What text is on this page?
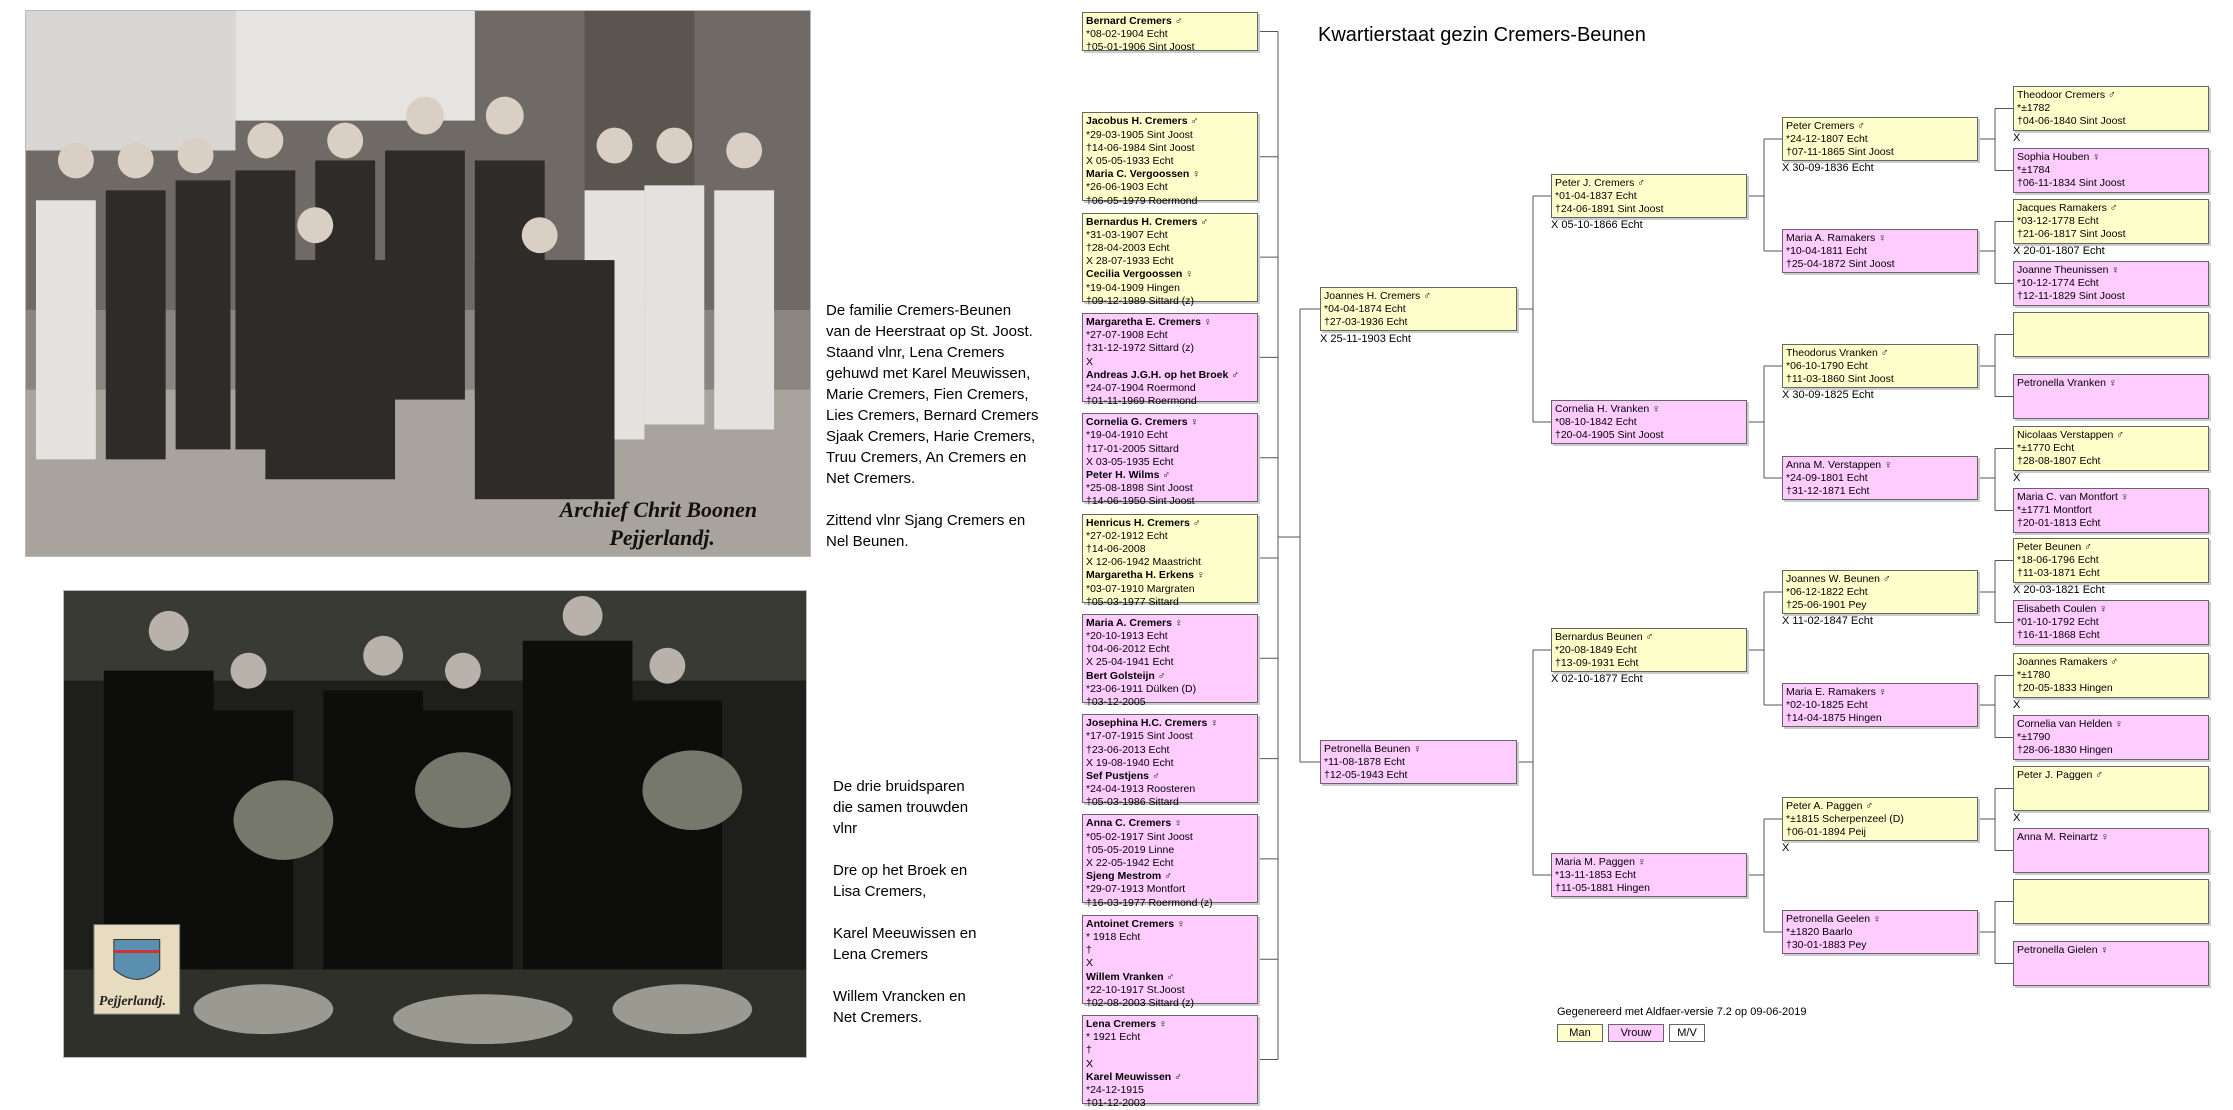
Archief Chrit Boonen
Pejjerlandj.
Pejjerlandj.

De familie Cremers-Beunen
van de Heerstraat op St. Joost.
Staand vlnr, Lena Cremers
gehuwd met Karel Meuwissen,
Marie Cremers, Fien Cremers,
Lies Cremers, Bernard Cremers
Sjaak Cremers, Harie Cremers,
Truu Cremers, An Cremers en
Net Cremers.

Zittend vlnr Sjang Cremers en
Nel Beunen.

De drie bruidsparen
die samen trouwden
vlnr

Dre op het Broek en
Lisa Cremers,

Karel Meeuwissen en
Lena Cremers

Willem Vrancken en
Net Cremers.

Kwartierstaat gezin Cremers-Beunen
Bernard Cremers ♂
*08-02-1904 Echt
†05-01-1906 Sint Joost
Jacobus H. Cremers ♂
*29-03-1905 Sint Joost
†14-06-1984 Sint Joost
X 05-05-1933 Echt
Maria C. Vergoossen ♀
*26-06-1903 Echt
†06-05-1979 Roermond
Bernardus H. Cremers ♂
*31-03-1907 Echt
†28-04-2003 Echt
X 28-07-1933 Echt
Cecilia Vergoossen ♀
*19-04-1909 Hingen
†09-12-1989 Sittard (z)
Margaretha E. Cremers ♀
*27-07-1908 Echt
†31-12-1972 Sittard (z)
X
Andreas J.G.H. op het Broek ♂
*24-07-1904 Roermond
†01-11-1969 Roermond
Cornelia G. Cremers ♀
*19-04-1910 Echt
†17-01-2005 Sittard
X 03-05-1935 Echt
Peter H. Wilms ♂
*25-08-1898 Sint Joost
†14-06-1950 Sint Joost
Henricus H. Cremers ♂
*27-02-1912 Echt
†14-06-2008
X 12-06-1942 Maastricht
Margaretha H. Erkens ♀
*03-07-1910 Margraten
†05-03-1977 Sittard
Maria A. Cremers ♀
*20-10-1913 Echt
†04-06-2012 Echt
X 25-04-1941 Echt
Bert Golsteijn ♂
*23-06-1911 Dülken (D)
†03-12-2005
Josephina H.C. Cremers ♀
*17-07-1915 Sint Joost
†23-06-2013 Echt
X 19-08-1940 Echt
Sef Pustjens ♂
*24-04-1913 Roosteren
†05-03-1986 Sittard
Anna C. Cremers ♀
*05-02-1917 Sint Joost
†05-05-2019 Linne
X 22-05-1942 Echt
Sjeng Mestrom ♂
*29-07-1913 Montfort
†16-03-1977 Roermond (z)
Antoinet Cremers ♀
* 1918 Echt
†
X
Willem Vranken ♂
*22-10-1917 St.Joost
†02-08-2003 Sittard (z)
Lena Cremers ♀
* 1921 Echt
†
X
Karel Meuwissen ♂
*24-12-1915
†01-12-2003
Joannes H. Cremers ♂
*04-04-1874 Echt
†27-03-1936 Echt
X 25-11-1903 Echt
Petronella Beunen ♀
*11-08-1878 Echt
†12-05-1943 Echt
Peter J. Cremers ♂
*01-04-1837 Echt
†24-06-1891 Sint Joost
X 05-10-1866 Echt
Cornelia H. Vranken ♀
*08-10-1842 Echt
†20-04-1905 Sint Joost
Bernardus Beunen ♂
*20-08-1849 Echt
†13-09-1931 Echt
X 02-10-1877 Echt
Maria M. Paggen ♀
*13-11-1853 Echt
†11-05-1881 Hingen
Peter Cremers ♂
*24-12-1807 Echt
†07-11-1865 Sint Joost
X 30-09-1836 Echt
Maria A. Ramakers ♀
*10-04-1811 Echt
†25-04-1872 Sint Joost
Theodorus Vranken ♂
*06-10-1790 Echt
†11-03-1860 Sint Joost
X 30-09-1825 Echt
Anna M. Verstappen ♀
*24-09-1801 Echt
†31-12-1871 Echt
Joannes W. Beunen ♂
*06-12-1822 Echt
†25-06-1901 Pey
X 11-02-1847 Echt
Maria E. Ramakers ♀
*02-10-1825 Echt
†14-04-1875 Hingen
Peter A. Paggen ♂
*±1815 Scherpenzeel (D)
†06-01-1894 Peij
X
Petronella Geelen ♀
*±1820 Baarlo
†30-01-1883 Pey
Theodoor Cremers ♂
*±1782
†04-06-1840 Sint Joost
X
Sophia Houben ♀
*±1784
†06-11-1834 Sint Joost
Jacques Ramakers ♂
*03-12-1778 Echt
†21-06-1817 Sint Joost
X 20-01-1807 Echt
Joanne Theunissen ♀
*10-12-1774 Echt
†12-11-1829 Sint Joost
Petronella Vranken ♀
Nicolaas Verstappen ♂
*±1770 Echt
†28-08-1807 Echt
X
Maria C. van Montfort ♀
*±1771 Montfort
†20-01-1813 Echt
Peter Beunen ♂
*18-06-1796 Echt
†11-03-1871 Echt
X 20-03-1821 Echt
Elisabeth Coulen ♀
*01-10-1792 Echt
†16-11-1868 Echt
Joannes Ramakers ♂
*±1780
†20-05-1833 Hingen
X
Cornelia van Helden ♀
*±1790
†28-06-1830 Hingen
Peter J. Paggen ♂
X
Anna M. Reinartz ♀
Petronella Gielen ♀
Gegenereerd met Aldfaer-versie 7.2 op 09-06-2019
Man	Vrouw	M/V
